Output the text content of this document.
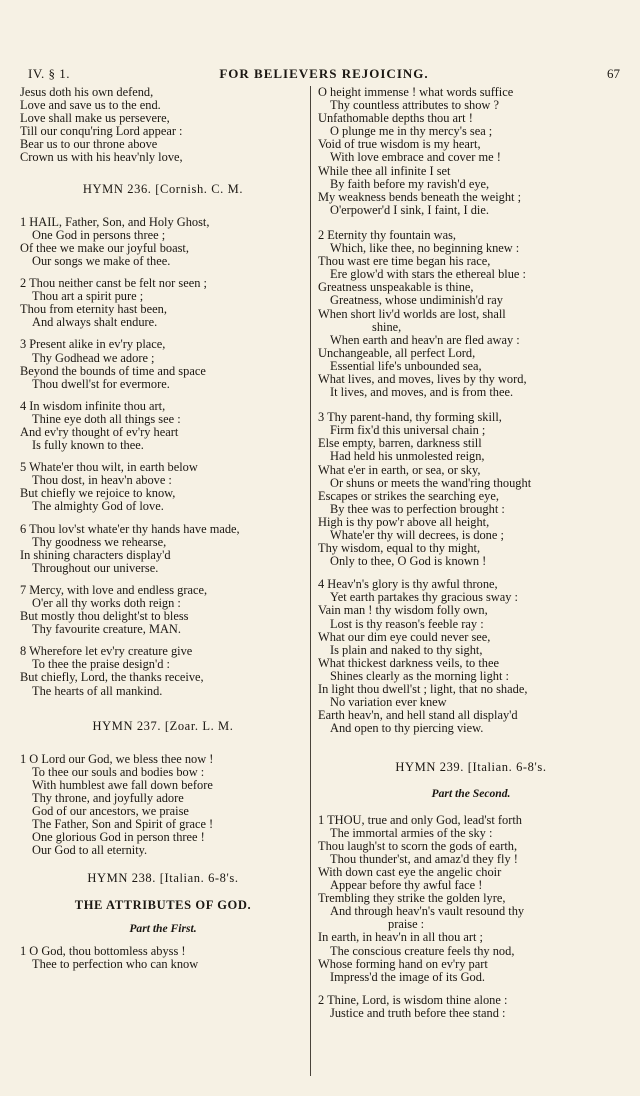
IV. § 1.	FOR BELIEVERS REJOICING.	67
Jesus doth his own defend,
Love and save us to the end.
Love shall make us persevere,
Till our conqu'ring Lord appear :
Bear us to our throne above
Crown us with his heav'nly love,
HYMN 236. [Cornish. C. M.
1 HAIL, Father, Son, and Holy Ghost,
One God in persons three ;
Of thee we make our joyful boast,
Our songs we make of thee.
2 Thou neither canst be felt nor seen ;
Thou art a spirit pure ;
Thou from eternity hast been,
And always shalt endure.
3 Present alike in ev'ry place,
Thy Godhead we adore ;
Beyond the bounds of time and space
Thou dwell'st for evermore.
4 In wisdom infinite thou art,
Thine eye doth all things see :
And ev'ry thought of ev'ry heart
Is fully known to thee.
5 Whate'er thou wilt, in earth below
Thou dost, in heav'n above :
But chiefly we rejoice to know,
The almighty God of love.
6 Thou lov'st whate'er thy hands have made,
Thy goodness we rehearse,
In shining characters display'd
Throughout our universe.
7 Mercy, with love and endless grace,
O'er all thy works doth reign :
But mostly thou delight'st to bless
Thy favourite creature, MAN.
8 Wherefore let ev'ry creature give
To thee the praise design'd :
But chiefly, Lord, the thanks receive,
The hearts of all mankind.
HYMN 237. [Zoar. L. M.
1 O Lord our God, we bless thee now !
To thee our souls and bodies bow :
With humblest awe fall down before
Thy throne, and joyfully adore
God of our ancestors, we praise
The Father, Son and Spirit of grace !
One glorious God in person three !
Our God to all eternity.
HYMN 238. [Italian. 6-8's.
THE ATTRIBUTES OF GOD.
Part the First.
1 O God, thou bottomless abyss !
Thee to perfection who can know
O height immense ! what words suffice
Thy countless attributes to show ?
Unfathomable depths thou art !
O plunge me in thy mercy's sea ;
Void of true wisdom is my heart,
With love embrace and cover me !
While thee all infinite I set
By faith before my ravish'd eye,
My weakness bends beneath the weight ;
O'erpower'd I sink, I faint, I die.
2 Eternity thy fountain was,
Which, like thee, no beginning knew :
Thou wast ere time began his race,
Ere glow'd with stars the ethereal blue :
Greatness unspeakable is thine,
Greatness, whose undiminish'd ray
When short liv'd worlds are lost, shall
shine,
When earth and heav'n are fled away :
Unchangeable, all perfect Lord,
Essential life's unbounded sea,
What lives, and moves, lives by thy word,
It lives, and moves, and is from thee.
3 Thy parent-hand, thy forming skill,
Firm fix'd this universal chain ;
Else empty, barren, darkness still
Had held his unmolested reign,
What e'er in earth, or sea, or sky,
Or shuns or meets the wand'ring thought
Escapes or strikes the searching eye,
By thee was to perfection brought :
High is thy pow'r above all height,
Whate'er thy will decrees, is done ;
Thy wisdom, equal to thy might,
Only to thee, O God is known !
4 Heav'n's glory is thy awful throne,
Yet earth partakes thy gracious sway :
Vain man ! thy wisdom folly own,
Lost is thy reason's feeble ray :
What our dim eye could never see,
Is plain and naked to thy sight,
What thickest darkness veils, to thee
Shines clearly as the morning light :
In light thou dwell'st ; light, that no shade,
No variation ever knew
Earth heav'n, and hell stand all display'd
And open to thy piercing view.
HYMN 239. [Italian. 6-8's.
Part the Second.
1 THOU, true and only God, lead'st forth
The immortal armies of the sky :
Thou laugh'st to scorn the gods of earth,
Thou thunder'st, and amaz'd they fly !
With down cast eye the angelic choir
Appear before thy awful face !
Trembling they strike the golden lyre,
And through heav'n's vault resound thy
praise :
In earth, in heav'n in all thou art ;
The conscious creature feels thy nod,
Whose forming hand on ev'ry part
Impress'd the image of its God.
2 Thine, Lord, is wisdom thine alone :
Justice and truth before thee stand :
